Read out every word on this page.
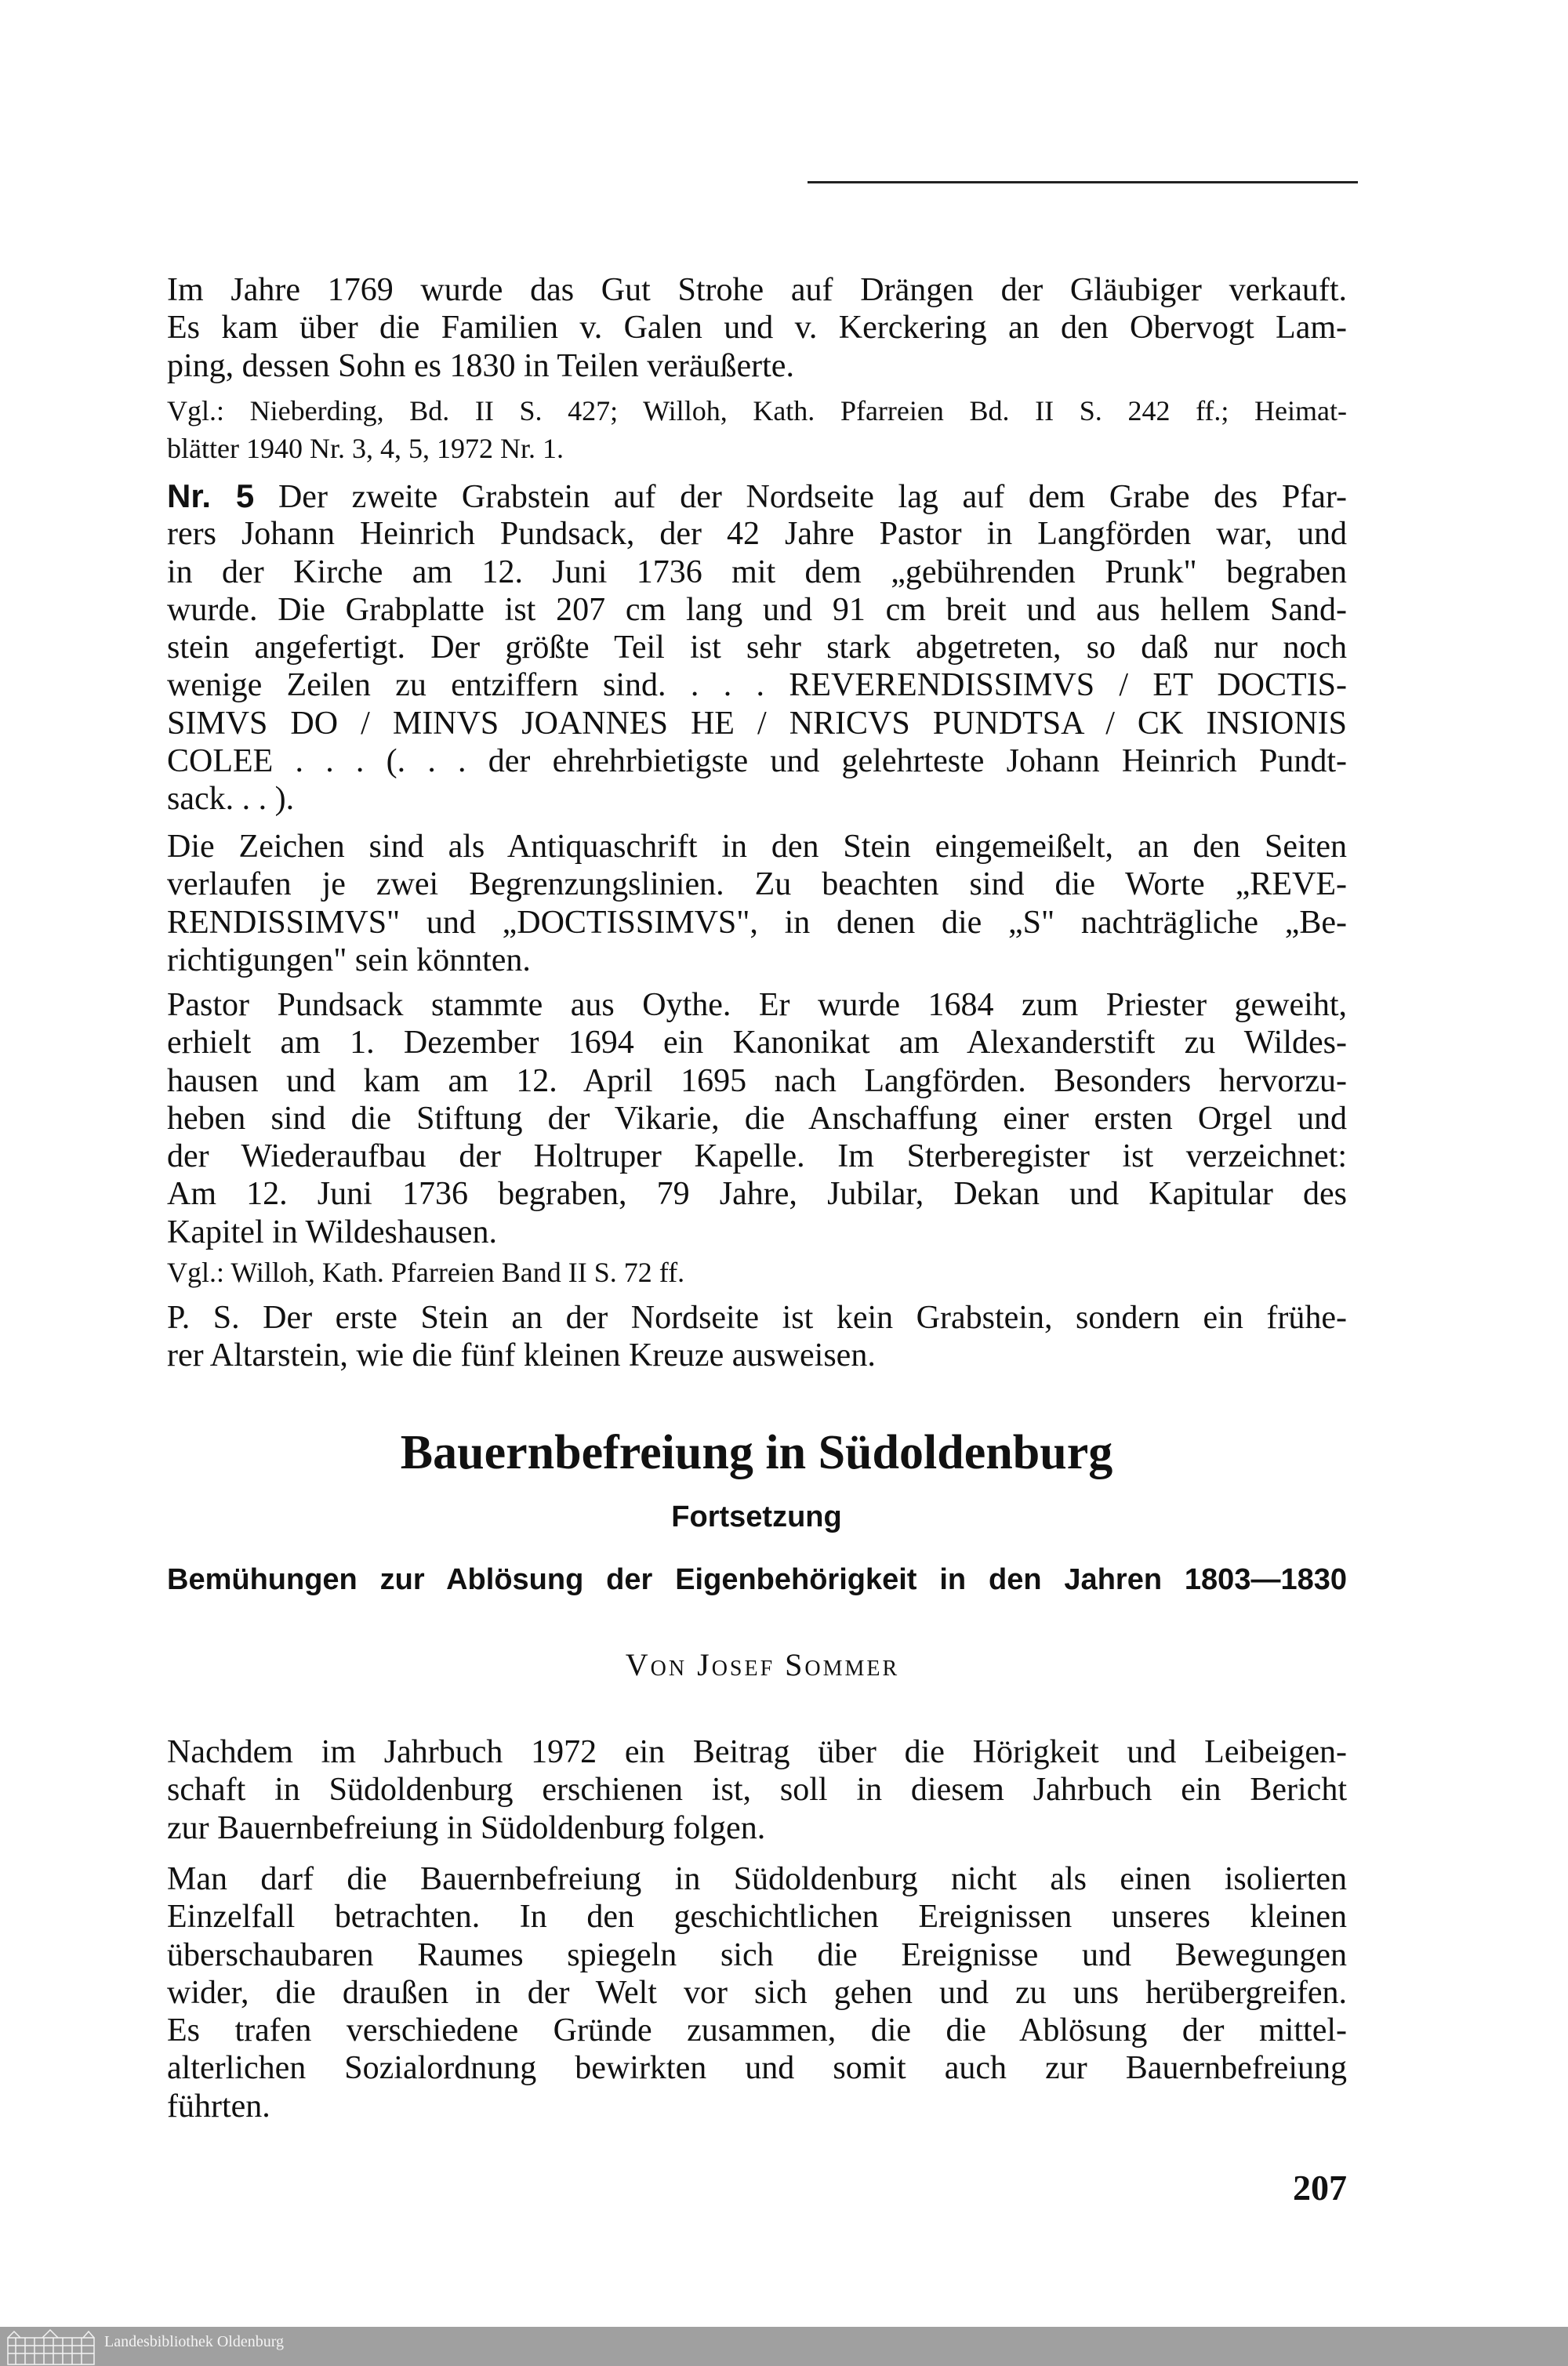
Im Jahre 1769 wurde das Gut Strohe auf Drängen der Gläubiger verkauft.
Es kam über die Familien v. Galen und v. Kerckering an den Obervogt Lam-
ping, dessen Sohn es 1830 in Teilen veräußerte.
Vgl.: Nieberding, Bd. II S. 427; Willoh, Kath. Pfarreien Bd. II S. 242 ff.; Heimat-
blätter 1940 Nr. 3, 4, 5, 1972 Nr. 1.
Nr. 5 Der zweite Grabstein auf der Nordseite lag auf dem Grabe des Pfar-
rers Johann Heinrich Pundsack, der 42 Jahre Pastor in Langförden war, und
in der Kirche am 12. Juni 1736 mit dem „gebührenden Prunk" begraben
wurde. Die Grabplatte ist 207 cm lang und 91 cm breit und aus hellem Sand-
stein angefertigt. Der größte Teil ist sehr stark abgetreten, so daß nur noch
wenige Zeilen zu entziffern sind. . . . REVERENDISSIMVS / ET DOCTIS-
SIMVS DO / MINVS JOANNES HE / NRICVS PUNDTSA / CK INSIONIS
COLEE . . . (. . . der ehrehrbietigste und gelehrteste Johann Heinrich Pundt-
sack. . . ).
Die Zeichen sind als Antiquaschrift in den Stein eingemeißelt, an den Seiten
verlaufen je zwei Begrenzungslinien. Zu beachten sind die Worte „REVE-
RENDISSIMVS" und „DOCTISSIMVS", in denen die „S" nachträgliche „Be-
richtigungen" sein könnten.
Pastor Pundsack stammte aus Oythe. Er wurde 1684 zum Priester geweiht,
erhielt am 1. Dezember 1694 ein Kanonikat am Alexanderstift zu Wildes-
hausen und kam am 12. April 1695 nach Langförden. Besonders hervorzu-
heben sind die Stiftung der Vikarie, die Anschaffung einer ersten Orgel und
der Wiederaufbau der Holtruper Kapelle. Im Sterberegister ist verzeichnet:
Am 12. Juni 1736 begraben, 79 Jahre, Jubilar, Dekan und Kapitular des
Kapitel in Wildeshausen.
Vgl.: Willoh, Kath. Pfarreien Band II S. 72 ff.
P. S. Der erste Stein an der Nordseite ist kein Grabstein, sondern ein frühe-
rer Altarstein, wie die fünf kleinen Kreuze ausweisen.
Bauernbefreiung in Südoldenburg
Fortsetzung
Bemühungen zur Ablösung der Eigenbehörigkeit in den Jahren 1803—1830
Von Josef Sommer
Nachdem im Jahrbuch 1972 ein Beitrag über die Hörigkeit und Leibeigen-
schaft in Südoldenburg erschienen ist, soll in diesem Jahrbuch ein Bericht
zur Bauernbefreiung in Südoldenburg folgen.
Man darf die Bauernbefreiung in Südoldenburg nicht als einen isolierten
Einzelfall betrachten. In den geschichtlichen Ereignissen unseres kleinen
überschaubaren Raumes spiegeln sich die Ereignisse und Bewegungen
wider, die draußen in der Welt vor sich gehen und zu uns herübergreifen.
Es trafen verschiedene Gründe zusammen, die die Ablösung der mittel-
alterlichen Sozialordnung bewirkten und somit auch zur Bauernbefreiung
führten.
207
Landesbibliothek Oldenburg
